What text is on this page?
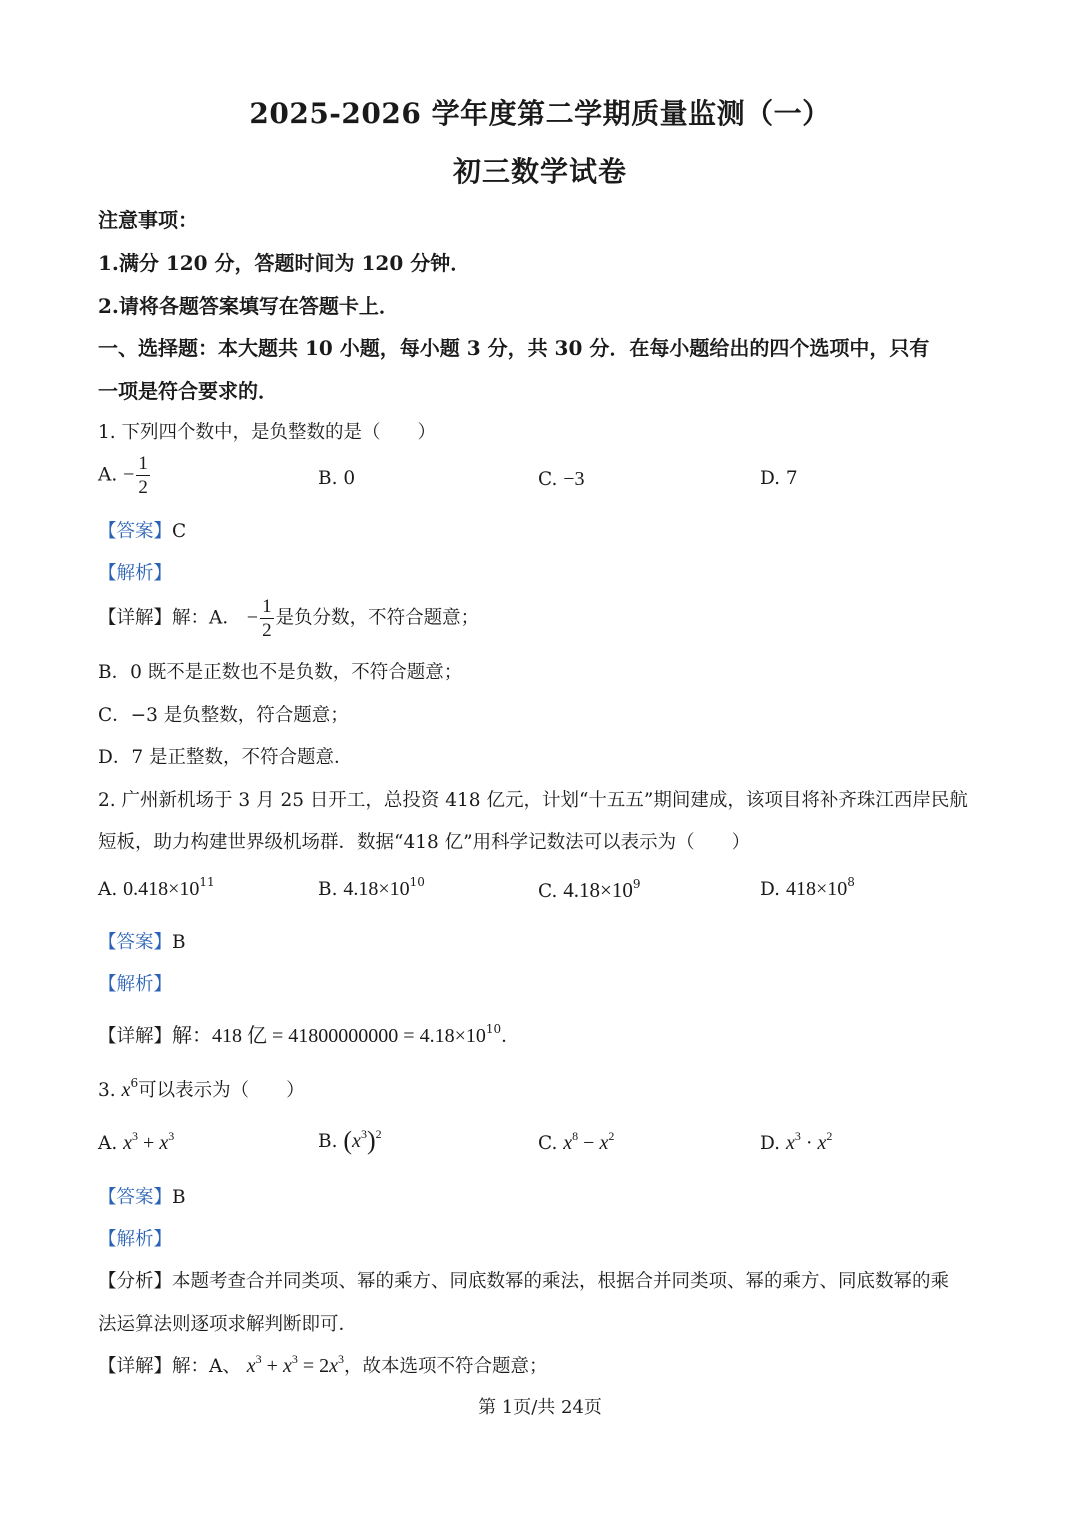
2025-2026 学年度第二学期质量监测（一）
初三数学试卷
注意事项：
1.满分 120 分，答题时间为 120 分钟．
2.请将各题答案填写在答题卡上．
一、选择题：本大题共 10 小题，每小题 3 分，共 30 分．在每小题给出的四个选项中，只有
一项是符合要求的．
1. 下列四个数中，是负整数的是（　　）
A. − $\frac{1}{2}$	B. 0	C. −3	D. 7
【答案】C
【解析】
【详解】解：A． − $\frac{1}{2}$ 是负分数，不符合题意；
B．0 既不是正数也不是负数，不符合题意；
C．−3 是负整数，符合题意；
D．7 是正整数，不符合题意．
2. 广州新机场于 3 月 25 日开工，总投资 418 亿元，计划“十五五”期间建成，该项目将补齐珠江西岸民航
短板，助力构建世界级机场群．数据“418 亿”用科学记数法可以表示为（　　）
A. $0.418\times 10^{11}$	B. $4.18\times 10^{10}$	C. $4.18\times 10^9$	D. $418\times 10^8$
【答案】B
【解析】
【详解】解：418 亿 = $41800000000 = 4.18\times 10^{10}$．
3. $x^6$可以表示为（　　）
A. $x^3 + x^3$	B. $(x^3)^2$	C. $x^8 - x^2$	D. $x^3 \cdot x^2$
【答案】B
【解析】
【分析】本题考查合并同类项、幂的乘方、同底数幂的乘法，根据合并同类项、幂的乘方、同底数幂的乘
法运算法则逐项求解判断即可．
【详解】解：A、 $x^3 + x^3 = 2x^3$，故本选项不符合题意；
第 1页/共 24页
